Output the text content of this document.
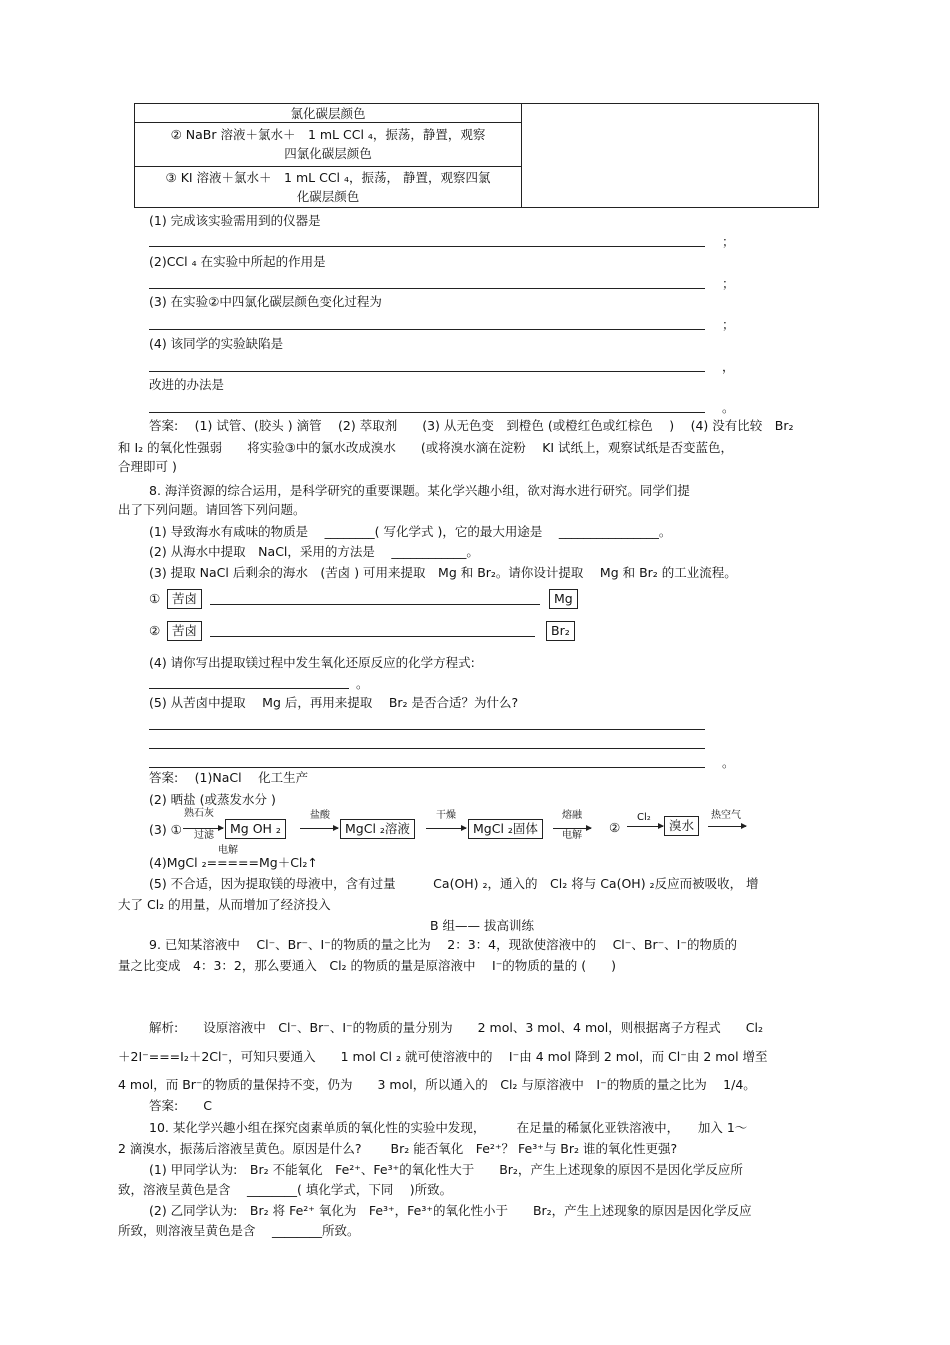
氯化碳层颜色
② NaBr 溶液＋氯水＋　1 mL CCl ₄，振荡，静置，观察
四氯化碳层颜色
③ KI 溶液＋氯水＋　1 mL CCl ₄，振荡， 静置，观察四氯
化碳层颜色
(1) 完成该实验需用到的仪器是
；
(2)CCl ₄ 在实验中所起的作用是
；
(3) 在实验②中四氯化碳层颜色变化过程为
；
(4) 该同学的实验缺陷是
，
改进的办法是
。
答案:　 (1) 试管、(胶头 ) 滴管　 (2) 萃取剂　　(3) 从无色变　到橙色 (或橙红色或红棕色　 )　 (4) 没有比较　Br₂
和 I₂ 的氧化性强弱　　将实验③中的氯水改成溴水　　(或将溴水滴在淀粉　 KI 试纸上，观察试纸是否变蓝色，
合理即可 )
8. 海洋资源的综合运用，是科学研究的重要课题。某化学兴趣小组，欲对海水进行研究。同学们提
出了下列问题。请回答下列问题。
(1) 导致海水有咸味的物质是　 ________( 写化学式 )，它的最大用途是　 ________________。
(2) 从海水中提取　NaCl，采用的方法是　 ____________。
(3) 提取 NaCl 后剩余的海水　(苦卤 ) 可用来提取　Mg 和 Br₂。请你设计提取　 Mg 和 Br₂ 的工业流程。
① 苦卤	Mg
② 苦卤	Br₂
(4) 请你写出提取镁过程中发生氧化还原反应的化学方程式:
。
(5) 从苦卤中提取　 Mg 后，再用来提取　 Br₂ 是否合适？为什么?
。
答案:　 (1)NaCl　 化工生产
(2) 晒盐 (或蒸发水分 )
(3) ①
熟石灰
过滤	Mg OH ₂
盐酸
MgCl ₂溶液
干燥
MgCl ₂固体
熔融
电解
②
Cl₂
溴水
热空气
电解
(4)MgCl ₂=====Mg＋Cl₂↑
(5) 不合适，因为提取镁的母液中，含有过量　　　Ca(OH) ₂，通入的　Cl₂ 将与 Ca(OH) ₂反应而被吸收， 增
大了 Cl₂ 的用量，从而增加了经济投入
B 组—— 拔高训练
9. 已知某溶液中　 Cl⁻、Br⁻、I⁻的物质的量之比为　 2：3：4，现欲使溶液中的　 Cl⁻、Br⁻、I⁻的物质的
量之比变成　4：3：2，那么要通入　Cl₂ 的物质的量是原溶液中　 I⁻的物质的量的 (　　)
解析:　　设原溶液中　Cl⁻、Br⁻、I⁻的物质的量分别为　　2 mol、3 mol、4 mol，则根据离子方程式　　Cl₂
＋2I⁻===I₂＋2Cl⁻，可知只要通入　　1 mol Cl ₂ 就可使溶液中的　 I⁻由 4 mol 降到 2 mol，而 Cl⁻由 2 mol 增至
4 mol，而 Br⁻的物质的量保持不变，仍为　　3 mol，所以通入的　Cl₂ 与原溶液中　I⁻的物质的量之比为　 1/4。
答案:　　C
10. 某化学兴趣小组在探究卤素单质的氧化性的实验中发现，　　　在足量的稀氯化亚铁溶液中，　　加入 1～
2 滴溴水，振荡后溶液呈黄色。原因是什么?　　 Br₂ 能否氧化　Fe²⁺？ Fe³⁺与 Br₂ 谁的氧化性更强?
(1) 甲同学认为:　Br₂ 不能氧化　Fe²⁺、Fe³⁺的氧化性大于　　Br₂，产生上述现象的原因不是因化学反应所
致，溶液呈黄色是含　 ________( 填化学式，下同　 )所致。
(2) 乙同学认为:　Br₂ 将 Fe²⁺ 氧化为　Fe³⁺，Fe³⁺的氧化性小于　　Br₂，产生上述现象的原因是因化学反应
所致，则溶液呈黄色是含　 ________所致。
